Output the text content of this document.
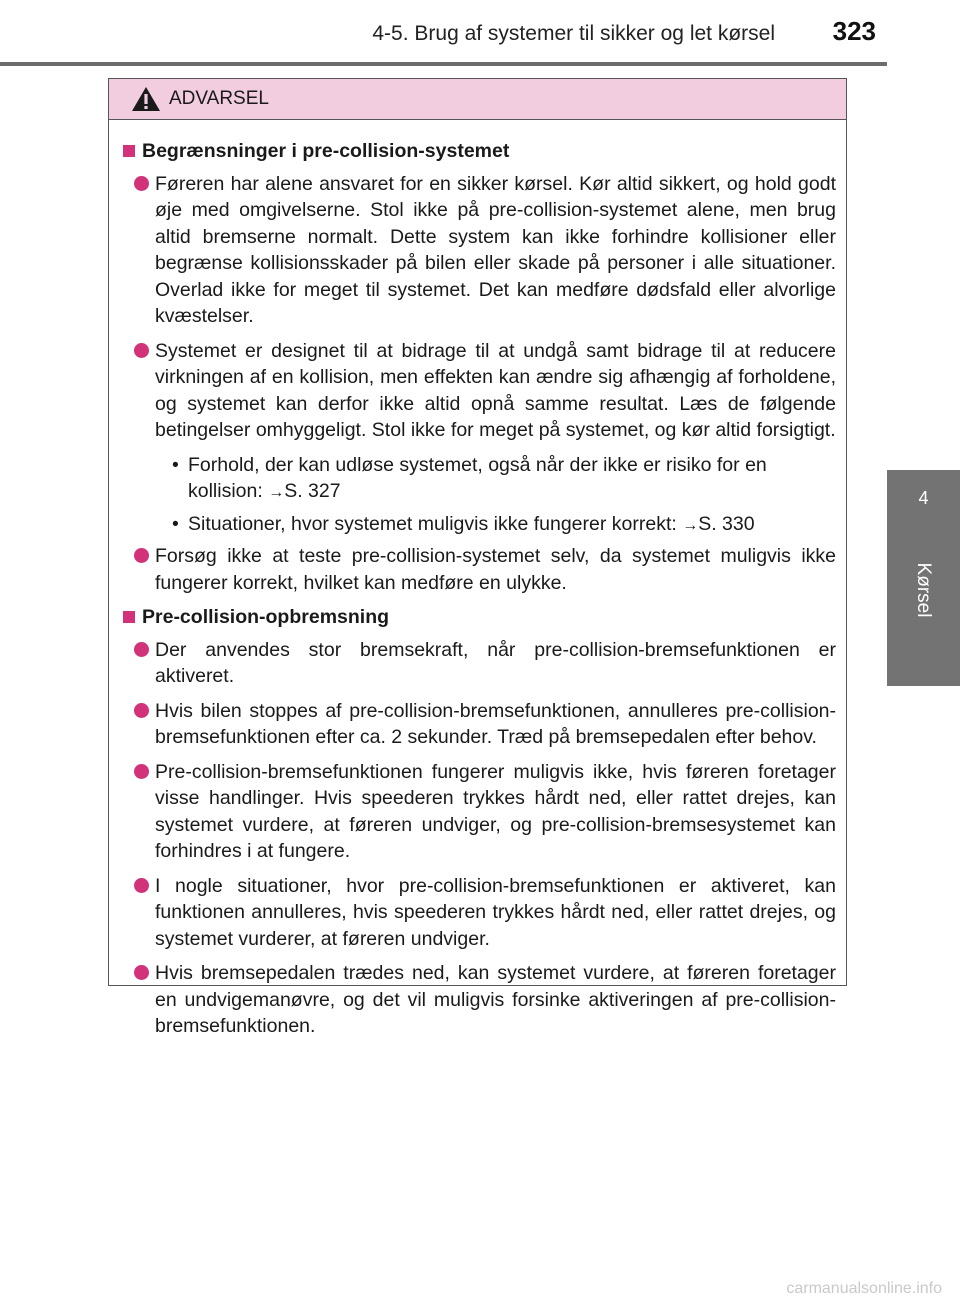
4-5. Brug af systemer til sikker og let kørsel 323
4
Kørsel
ADVARSEL
Begrænsninger i pre-collision-systemet
Føreren har alene ansvaret for en sikker kørsel. Kør altid sikkert, og hold godt øje med omgivelserne. Stol ikke på pre-collision-systemet alene, men brug altid bremserne normalt. Dette system kan ikke forhindre kollisioner eller begrænse kollisionsskader på bilen eller skade på personer i alle situationer. Overlad ikke for meget til systemet. Det kan medføre dødsfald eller alvorlige kvæstelser.
Systemet er designet til at bidrage til at undgå samt bidrage til at reducere virkningen af en kollision, men effekten kan ændre sig afhængig af forholdene, og systemet kan derfor ikke altid opnå samme resultat. Læs de følgende betingelser omhyggeligt. Stol ikke for meget på systemet, og kør altid forsigtigt.
• Forhold, der kan udløse systemet, også når der ikke er risiko for en kollision: →S. 327
• Situationer, hvor systemet muligvis ikke fungerer korrekt: →S. 330
Forsøg ikke at teste pre-collision-systemet selv, da systemet muligvis ikke fungerer korrekt, hvilket kan medføre en ulykke.
Pre-collision-opbremsning
Der anvendes stor bremsekraft, når pre-collision-bremsefunktionen er aktiveret.
Hvis bilen stoppes af pre-collision-bremsefunktionen, annulleres pre-collision-bremsefunktionen efter ca. 2 sekunder. Træd på bremsepedalen efter behov.
Pre-collision-bremsefunktionen fungerer muligvis ikke, hvis føreren foretager visse handlinger. Hvis speederen trykkes hårdt ned, eller rattet drejes, kan systemet vurdere, at føreren undviger, og pre-collision-bremsesystemet kan forhindres i at fungere.
I nogle situationer, hvor pre-collision-bremsefunktionen er aktiveret, kan funktionen annulleres, hvis speederen trykkes hårdt ned, eller rattet drejes, og systemet vurderer, at føreren undviger.
Hvis bremsepedalen trædes ned, kan systemet vurdere, at føreren foretager en undvigemanøvre, og det vil muligvis forsinke aktiveringen af pre-collision-bremsefunktionen.
carmanualsonline.info
